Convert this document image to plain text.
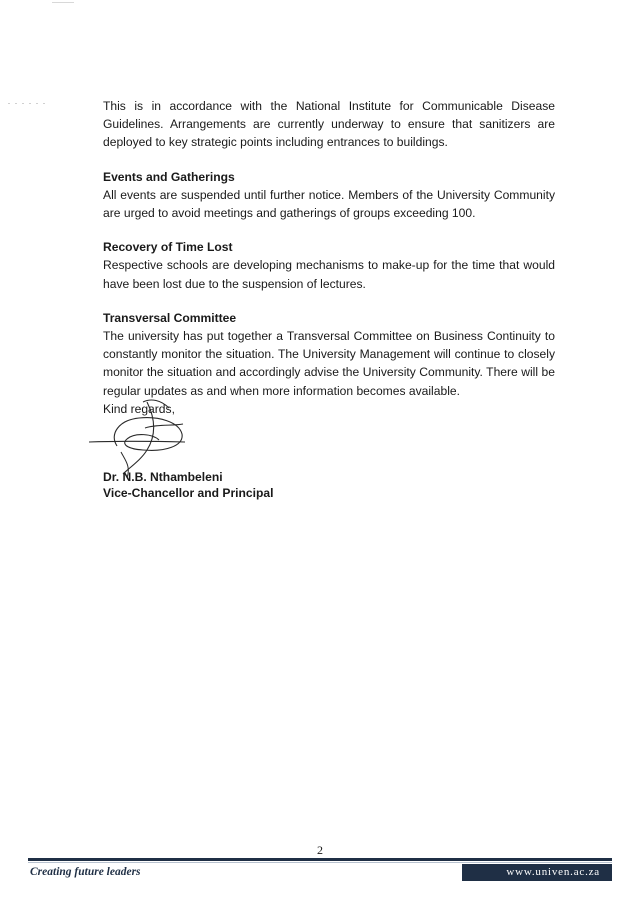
This is in accordance with the National Institute for Communicable Disease Guidelines. Arrangements are currently underway to ensure that sanitizers are deployed to key strategic points including entrances to buildings.

Events and Gatherings

All events are suspended until further notice. Members of the University Community are urged to avoid meetings and gatherings of groups exceeding 100.

Recovery of Time Lost

Respective schools are developing mechanisms to make-up for the time that would have been lost due to the suspension of lectures.

Transversal Committee

The university has put together a Transversal Committee on Business Continuity to constantly monitor the situation. The University Management will continue to closely monitor the situation and accordingly advise the University Community. There will be regular updates as and when more information becomes available.

Kind regards,

Dr. N.B. Nthambeleni
Vice-Chancellor and Principal
2
Creating future leaders	www.univen.ac.za
